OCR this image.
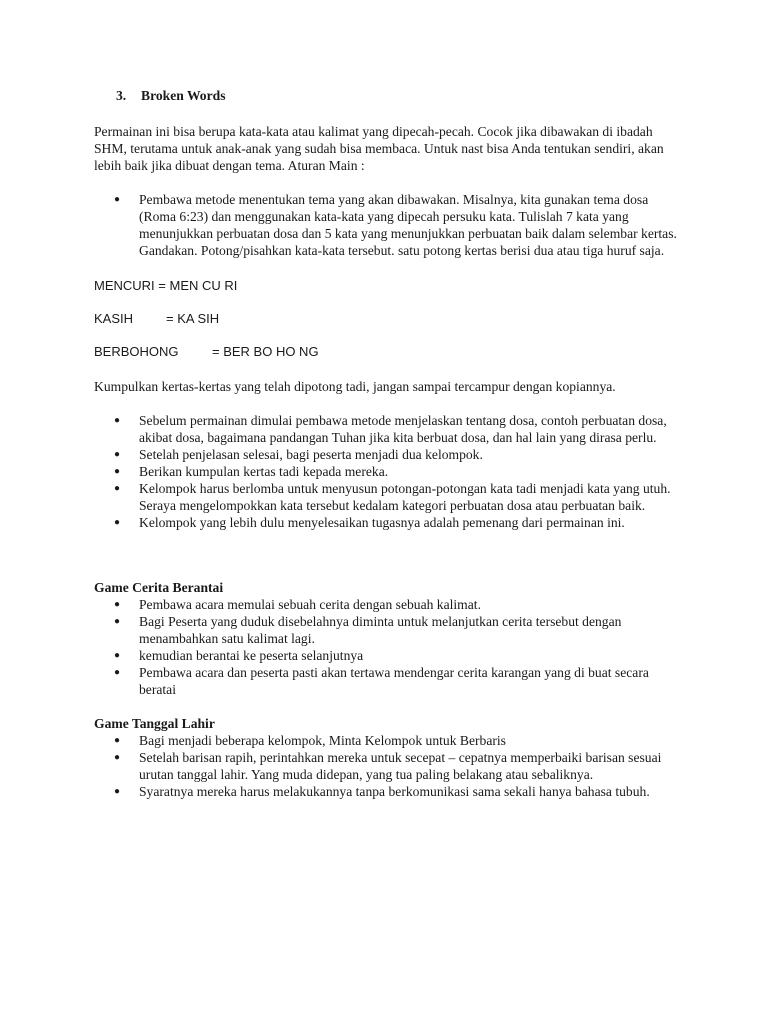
3. Broken Words

Permainan ini bisa berupa kata-kata atau kalimat yang dipecah-pecah. Cocok jika dibawakan di ibadah SHM, terutama untuk anak-anak yang sudah bisa membaca. Untuk nast bisa Anda tentukan sendiri, akan lebih baik jika dibuat dengan tema. Aturan Main :

● Pembawa metode menentukan tema yang akan dibawakan. Misalnya, kita gunakan tema dosa (Roma 6:23) dan menggunakan kata-kata yang dipecah persuku kata. Tulislah 7 kata yang menunjukkan perbuatan dosa dan 5 kata yang menunjukkan perbuatan baik dalam selembar kertas. Gandakan. Potong/pisahkan kata-kata tersebut. satu potong kertas berisi dua atau tiga huruf saja.
MENCURI = MEN CU RI
KASIH	= KA SIH
BERBOHONG	= BER BO HO NG

Kumpulkan kertas-kertas yang telah dipotong tadi, jangan sampai tercampur dengan kopiannya.

● Sebelum permainan dimulai pembawa metode menjelaskan tentang dosa, contoh perbuatan dosa, akibat dosa, bagaimana pandangan Tuhan jika kita berbuat dosa, dan hal lain yang dirasa perlu.
● Setelah penjelasan selesai, bagi peserta menjadi dua kelompok.
● Berikan kumpulan kertas tadi kepada mereka.
● Kelompok harus berlomba untuk menyusun potongan-potongan kata tadi menjadi kata yang utuh. Seraya mengelompokkan kata tersebut kedalam kategori perbuatan dosa atau perbuatan baik.
● Kelompok yang lebih dulu menyelesaikan tugasnya adalah pemenang dari permainan ini.
Game Cerita Berantai
● Pembawa acara memulai sebuah cerita dengan sebuah kalimat.
● Bagi Peserta yang duduk disebelahnya diminta untuk melanjutkan cerita tersebut dengan menambahkan satu kalimat lagi.
● kemudian berantai ke peserta selanjutnya
● Pembawa acara dan peserta pasti akan tertawa mendengar cerita karangan yang di buat secara beratai
Game Tanggal Lahir
● Bagi menjadi beberapa kelompok, Minta Kelompok untuk Berbaris
● Setelah barisan rapih, perintahkan mereka untuk secepat – cepatnya memperbaiki barisan sesuai urutan tanggal lahir. Yang muda didepan, yang tua paling belakang atau sebaliknya.
● Syaratnya mereka harus melakukannya tanpa berkomunikasi sama sekali hanya bahasa tubuh.
